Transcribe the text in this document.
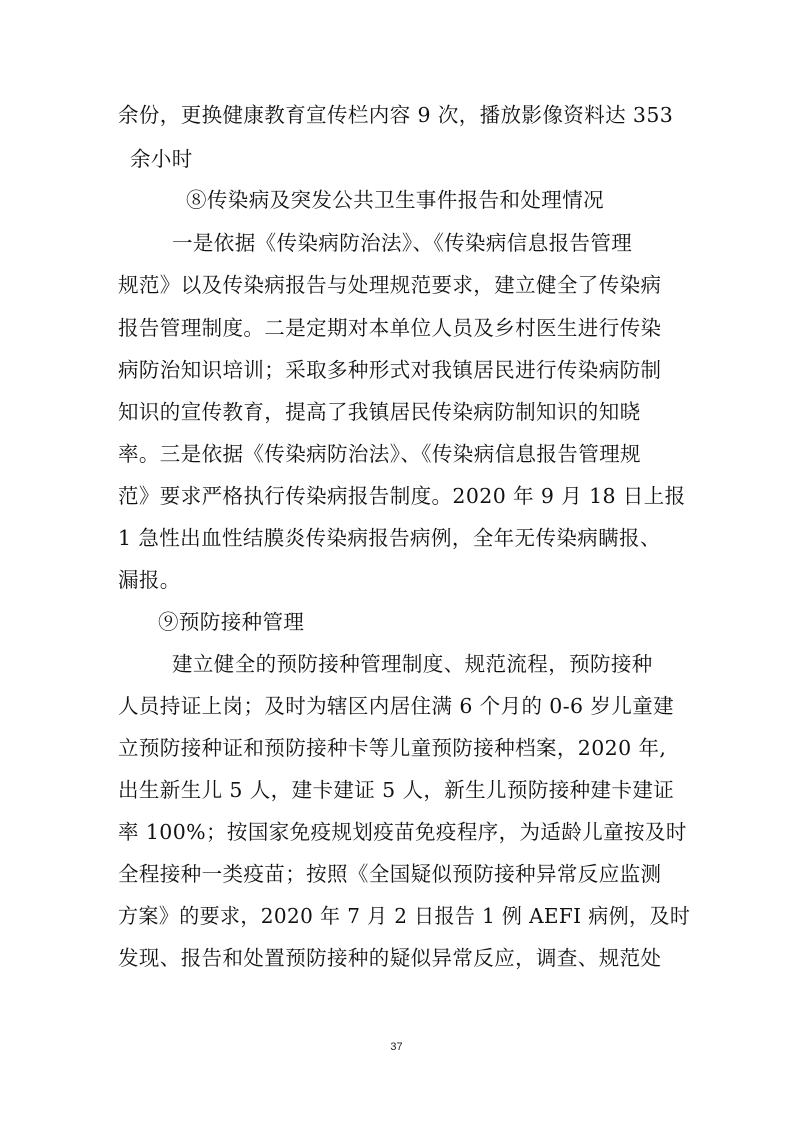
余份，更换健康教育宣传栏内容 9 次，播放影像资料达 353
余小时
⑧传染病及突发公共卫生事件报告和处理情况
一是依据《传染病防治法》、《传染病信息报告管理
规范》以及传染病报告与处理规范要求，建立健全了传染病
报告管理制度。二是定期对本单位人员及乡村医生进行传染
病防治知识培训；采取多种形式对我镇居民进行传染病防制
知识的宣传教育，提高了我镇居民传染病防制知识的知晓
率。三是依据《传染病防治法》、《传染病信息报告管理规
范》要求严格执行传染病报告制度。2020 年 9 月 18 日上报
1 急性出血性结膜炎传染病报告病例，全年无传染病瞒报、
漏报。
⑨预防接种管理
建立健全的预防接种管理制度、规范流程，预防接种
人员持证上岗；及时为辖区内居住满 6 个月的 0-6 岁儿童建
立预防接种证和预防接种卡等儿童预防接种档案，2020 年,
出生新生儿 5 人，建卡建证 5 人，新生儿预防接种建卡建证
率 100%；按国家免疫规划疫苗免疫程序，为适龄儿童按及时
全程接种一类疫苗；按照《全国疑似预防接种异常反应监测
方案》的要求，2020 年 7 月 2 日报告 1 例 AEFI 病例，及时
发现、报告和处置预防接种的疑似异常反应，调查、规范处
37
